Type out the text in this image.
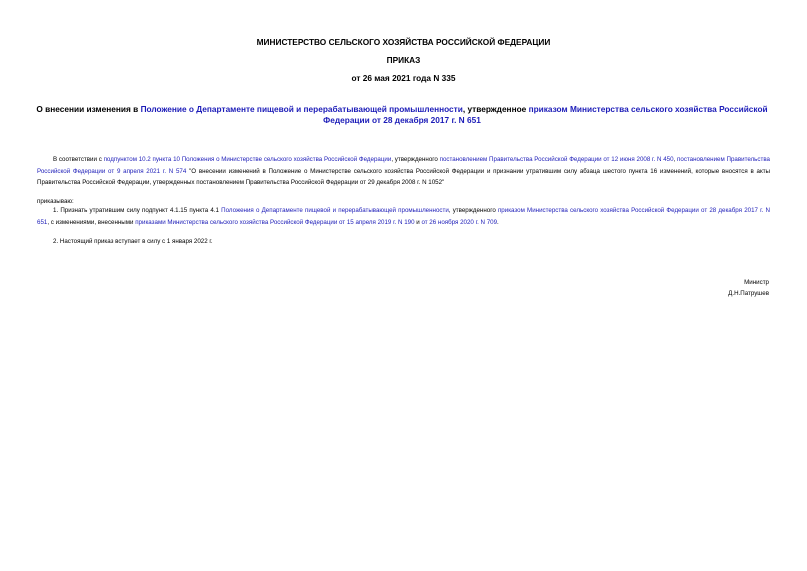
МИНИСТЕРСТВО СЕЛЬСКОГО ХОЗЯЙСТВА РОССИЙСКОЙ ФЕДЕРАЦИИ
ПРИКАЗ
от 26 мая 2021 года N 335
О внесении изменения в Положение о Департаменте пищевой и перерабатывающей промышленности, утвержденное приказом Министерства сельского хозяйства Российской Федерации от 28 декабря 2017 г. N 651
В соответствии с подпунктом 10.2 пункта 10 Положения о Министерстве сельского хозяйства Российской Федерации, утвержденного постановлением Правительства Российской Федерации от 12 июня 2008 г. N 450, постановлением Правительства Российской Федерации от 9 апреля 2021 г. N 574 "О внесении изменений в Положение о Министерстве сельского хозяйства Российской Федерации и признании утратившим силу абзаца шестого пункта 16 изменений, которые вносятся в акты Правительства Российской Федерации, утвержденных постановлением Правительства Российской Федерации от 29 декабря 2008 г. N 1052"
приказываю:
1. Признать утратившим силу подпункт 4.1.15 пункта 4.1 Положения о Департаменте пищевой и перерабатывающей промышленности, утвержденного приказом Министерства сельского хозяйства Российской Федерации от 28 декабря 2017 г. N 651, с изменениями, внесенными приказами Министерства сельского хозяйства Российской Федерации от 15 апреля 2019 г. N 190 и от 26 ноября 2020 г. N 709.
2. Настоящий приказ вступает в силу с 1 января 2022 г.
Министр
Д.Н.Патрушев
